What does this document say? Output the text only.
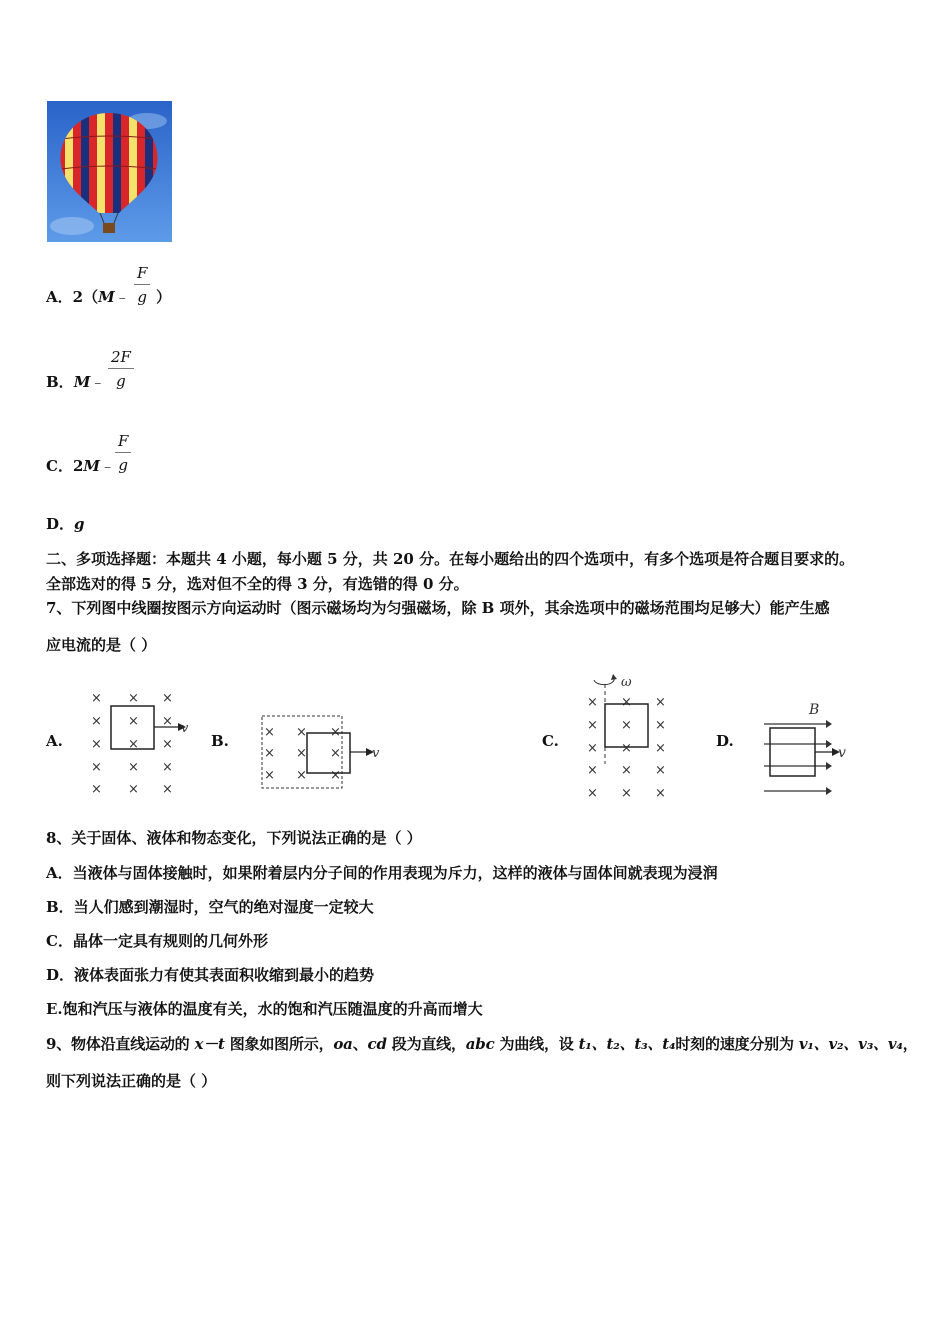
A．2（M﹣ $\frac{F}{g}$ ）
B．M﹣ $\frac{2F}{g}$
C．2M﹣ $\frac{F}{g}$
D．g
二、多项选择题：本题共 4 小题，每小题 5 分，共 20 分。在每小题给出的四个选项中，有多个选项是符合题目要求的。
全部选对的得 5 分，选对但不全的得 3 分，有选错的得 0 分。
7、下列图中线圈按图示方向运动时（图示磁场均为匀强磁场，除 B 项外，其余选项中的磁场范围均足够大）能产生感
应电流的是（ ）
A.	B.	C.	D.
× × ×
× × ×
× × ×
× × ×
× × ×
v	× × ×
× × ×
× × ×
v
ω
× × ×
× × ×
× × ×
× × ×
× × ×
B
v
8、关于固体、液体和物态变化，下列说法正确的是（ ）
A．当液体与固体接触时，如果附着层内分子间的作用表现为斥力，这样的液体与固体间就表现为浸润
B．当人们感到潮湿时，空气的绝对湿度一定较大
C．晶体一定具有规则的几何外形
D．液体表面张力有使其表面积收缩到最小的趋势
E.饱和汽压与液体的温度有关，水的饱和汽压随温度的升高而增大
9、物体沿直线运动的 x－t 图象如图所示，oa、cd 段为直线，abc 为曲线，设 t₁、t₂、t₃、t₄时刻的速度分别为 v₁、v₂、v₃、v₄，
则下列说法正确的是（ ）
